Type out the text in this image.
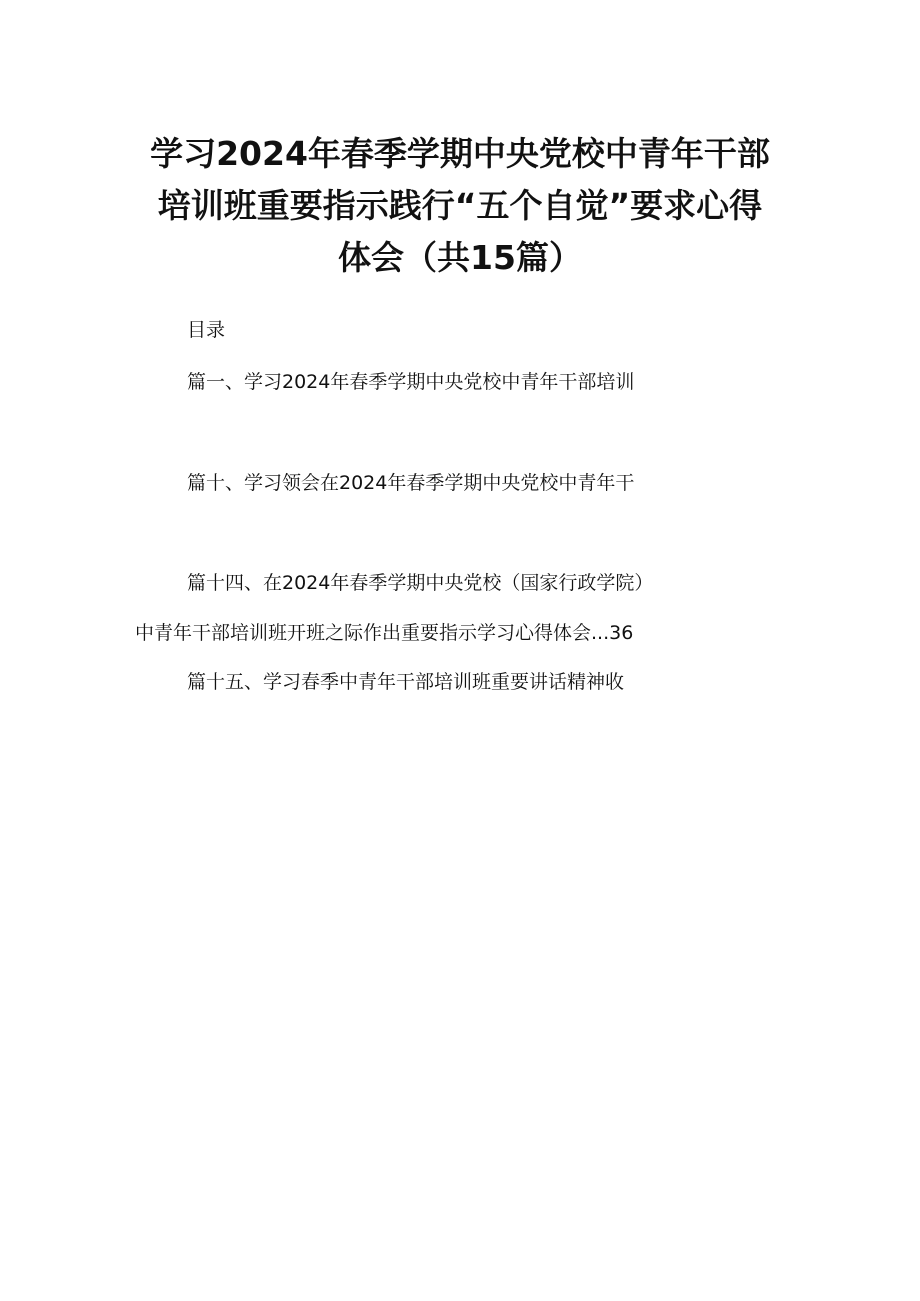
学习2024年春季学期中央党校中青年干部
培训班重要指示践行“五个自觉”要求心得
体会（共15篇）
目录
篇一、学习2024年春季学期中央党校中青年干部培训
篇十、学习领会在2024年春季学期中央党校中青年干
篇十四、在2024年春季学期中央党校（国家行政学院）
中青年干部培训班开班之际作出重要指示学习心得体会...36
篇十五、学习春季中青年干部培训班重要讲话精神收
